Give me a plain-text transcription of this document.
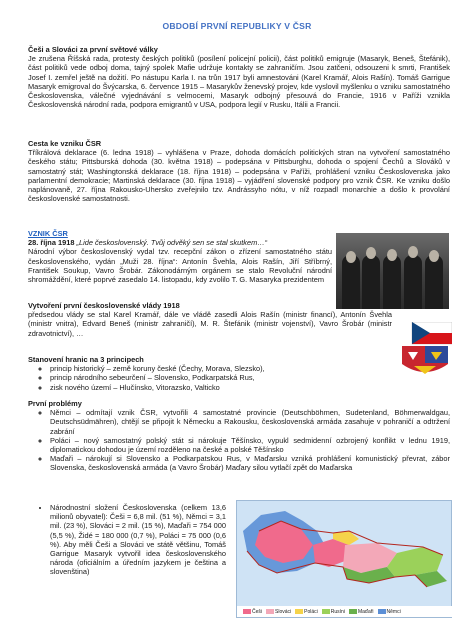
OBDOBÍ PRVNÍ REPUBLIKY V ČSR

Češi a Slováci za první světové války

Je zrušena Říšská rada, protesty českých politiků (posílení policejní policii), část politiků emigruje (Masaryk, Beneš, Štefánik), část politiků vede odboj doma, tajný spolek Mafie udržuje kontakty se zahraničím. Jsou zatčeni, odsouzeni k smrti, František Josef I. zemřel ještě na dožití. Po nástupu Karla I. na trůn 1917 byli amnestováni (Karel Kramář, Alois Rašín). Tomáš Garrigue Masaryk emigroval do Švýcarska, 6. července 1915 – Masarykův ženevský projev, kde vyslovil myšlenku o vzniku samostatného Československa, válečné vyjednávání s velmocemi, Masaryk odbojný přesouvá do Francie, 1916 v Paříži vznikla Československá národní rada, podpora emigrantů v USA, podpora legií v Rusku, Itálii a Francii.

Cesta ke vzniku ČSR

Tříkrálová deklarace (6. ledna 1918) – vyhlášena v Praze, dohoda domácích politických stran na vytvoření samostatného českého státu; Pittsburská dohoda (30. května 1918) – podepsána v Pittsburghu, dohoda o spojení Čechů a Slováků v samostatný stát; Washingtonská deklarace (18. října 1918) – podepsána v Paříži, prohlášení vzniku Československa jako parlamentní demokracie; Martinská deklarace (30. října 1918) – vyjádření slovenské podpory pro vznik ČSR. Ke vzniku došlo naplánovaně, 27. října Rakousko-Uhersko zveřejnilo tzv. Andrássyho nótu, v níž rozpadl monarchie a došlo k provolání československé samostatnosti.

VZNIK ČSR

28. října 1918 „Lide československý. Tvůj odvěký sen se stal skutkem…“

Národní výbor československý vydal tzv. recepční zákon o zřízení samostatného státu československého, vydán „Muži 28. října“: Antonín Švehla, Alois Rašín, Jiří Stříbrný, František Soukup, Vavro Šrobár. Zákonodárným orgánem se stalo Revoluční národní shromáždění, které poprvé zasedalo 14. listopadu, kdy zvolilo T. G. Masaryka prezidentem

Vytvoření první československé vlády 1918

předsedou vlády se stal Karel Kramář, dále ve vládě zasedli Alois Rašín (ministr financí), Antonín Švehla (ministr vnitra), Edvard Beneš (ministr zahraničí), M. R. Štefánik (ministr vojenství), Vavro Šrobár (ministr zdravotnictví), …

Stanovení hranic na 3 principech

◦ princip historický – země koruny české (Čechy, Morava, Slezsko),
◦ princip národního sebeurčení – Slovensko, Podkarpatská Rus,
◦ zisk nového území – Hlučínsko, Vitorazsko, Valticko

První problémy

◦ Němci – odmítají vznik ČSR, vytvořili 4 samostatné provincie (Deutschböhmen, Sudetenland, Böhmerwaldgau, Deutschsüdmähren), chtějí se připojit k Německu a Rakousku, československá armáda zasahuje v pohraničí a odtržení zabrání
◦ Poláci – nový samostatný polský stát si nárokuje Těšínsko, vypukl sedmidenní ozbrojený konflikt v lednu 1919, diplomatickou dohodou je území rozděleno na české a polské Těšínsko
◦ Maďaři – nárokují si Slovensko a Podkarpatskou Rus, v Maďarsku vzniká prohlášení komunistický převrat, zábor Slovenska, československá armáda (a Vavro Šrobár) Maďary silou vytlačí zpět do Maďarska
• Národnostní složení Československa (celkem 13,6 milionů obyvatel): Češi = 6,8 mil. (51 %), Němci = 3,1 mil. (23 %), Slováci = 2 mil. (15 %), Maďaři = 754 000 (5,5 %), Židé = 180 000 (0,7 %), Poláci = 75 000 (0,6 %). Aby měli Češi a Slováci ve státě většinu, Tomáš Garrigue Masaryk vytvořil idea československého národa (oficiálním a úředním jazykem je čeština a slovenština)
Češi	Slováci	Poláci	Rusíni	Maďaři	Němci
